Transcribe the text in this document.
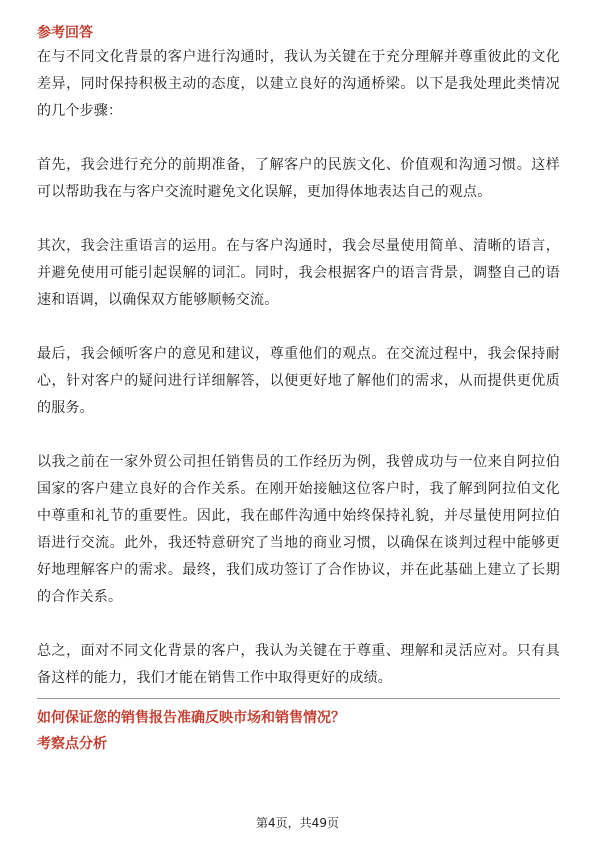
参考回答

在与不同文化背景的客户进行沟通时，我认为关键在于充分理解并尊重彼此的文化差异，同时保持积极主动的态度，以建立良好的沟通桥梁。以下是我处理此类情况的几个步骤：

首先，我会进行充分的前期准备，了解客户的民族文化、价值观和沟通习惯。这样可以帮助我在与客户交流时避免文化误解，更加得体地表达自己的观点。

其次，我会注重语言的运用。在与客户沟通时，我会尽量使用简单、清晰的语言，并避免使用可能引起误解的词汇。同时，我会根据客户的语言背景，调整自己的语速和语调，以确保双方能够顺畅交流。

最后，我会倾听客户的意见和建议，尊重他们的观点。在交流过程中，我会保持耐心，针对客户的疑问进行详细解答，以便更好地了解他们的需求，从而提供更优质的服务。

以我之前在一家外贸公司担任销售员的工作经历为例，我曾成功与一位来自阿拉伯国家的客户建立良好的合作关系。在刚开始接触这位客户时，我了解到阿拉伯文化中尊重和礼节的重要性。因此，我在邮件沟通中始终保持礼貌，并尽量使用阿拉伯语进行交流。此外，我还特意研究了当地的商业习惯，以确保在谈判过程中能够更好地理解客户的需求。最终，我们成功签订了合作协议，并在此基础上建立了长期的合作关系。

总之，面对不同文化背景的客户，我认为关键在于尊重、理解和灵活应对。只有具备这样的能力，我们才能在销售工作中取得更好的成绩。

如何保证您的销售报告准确反映市场和销售情况？

考察点分析

第4页，共49页
